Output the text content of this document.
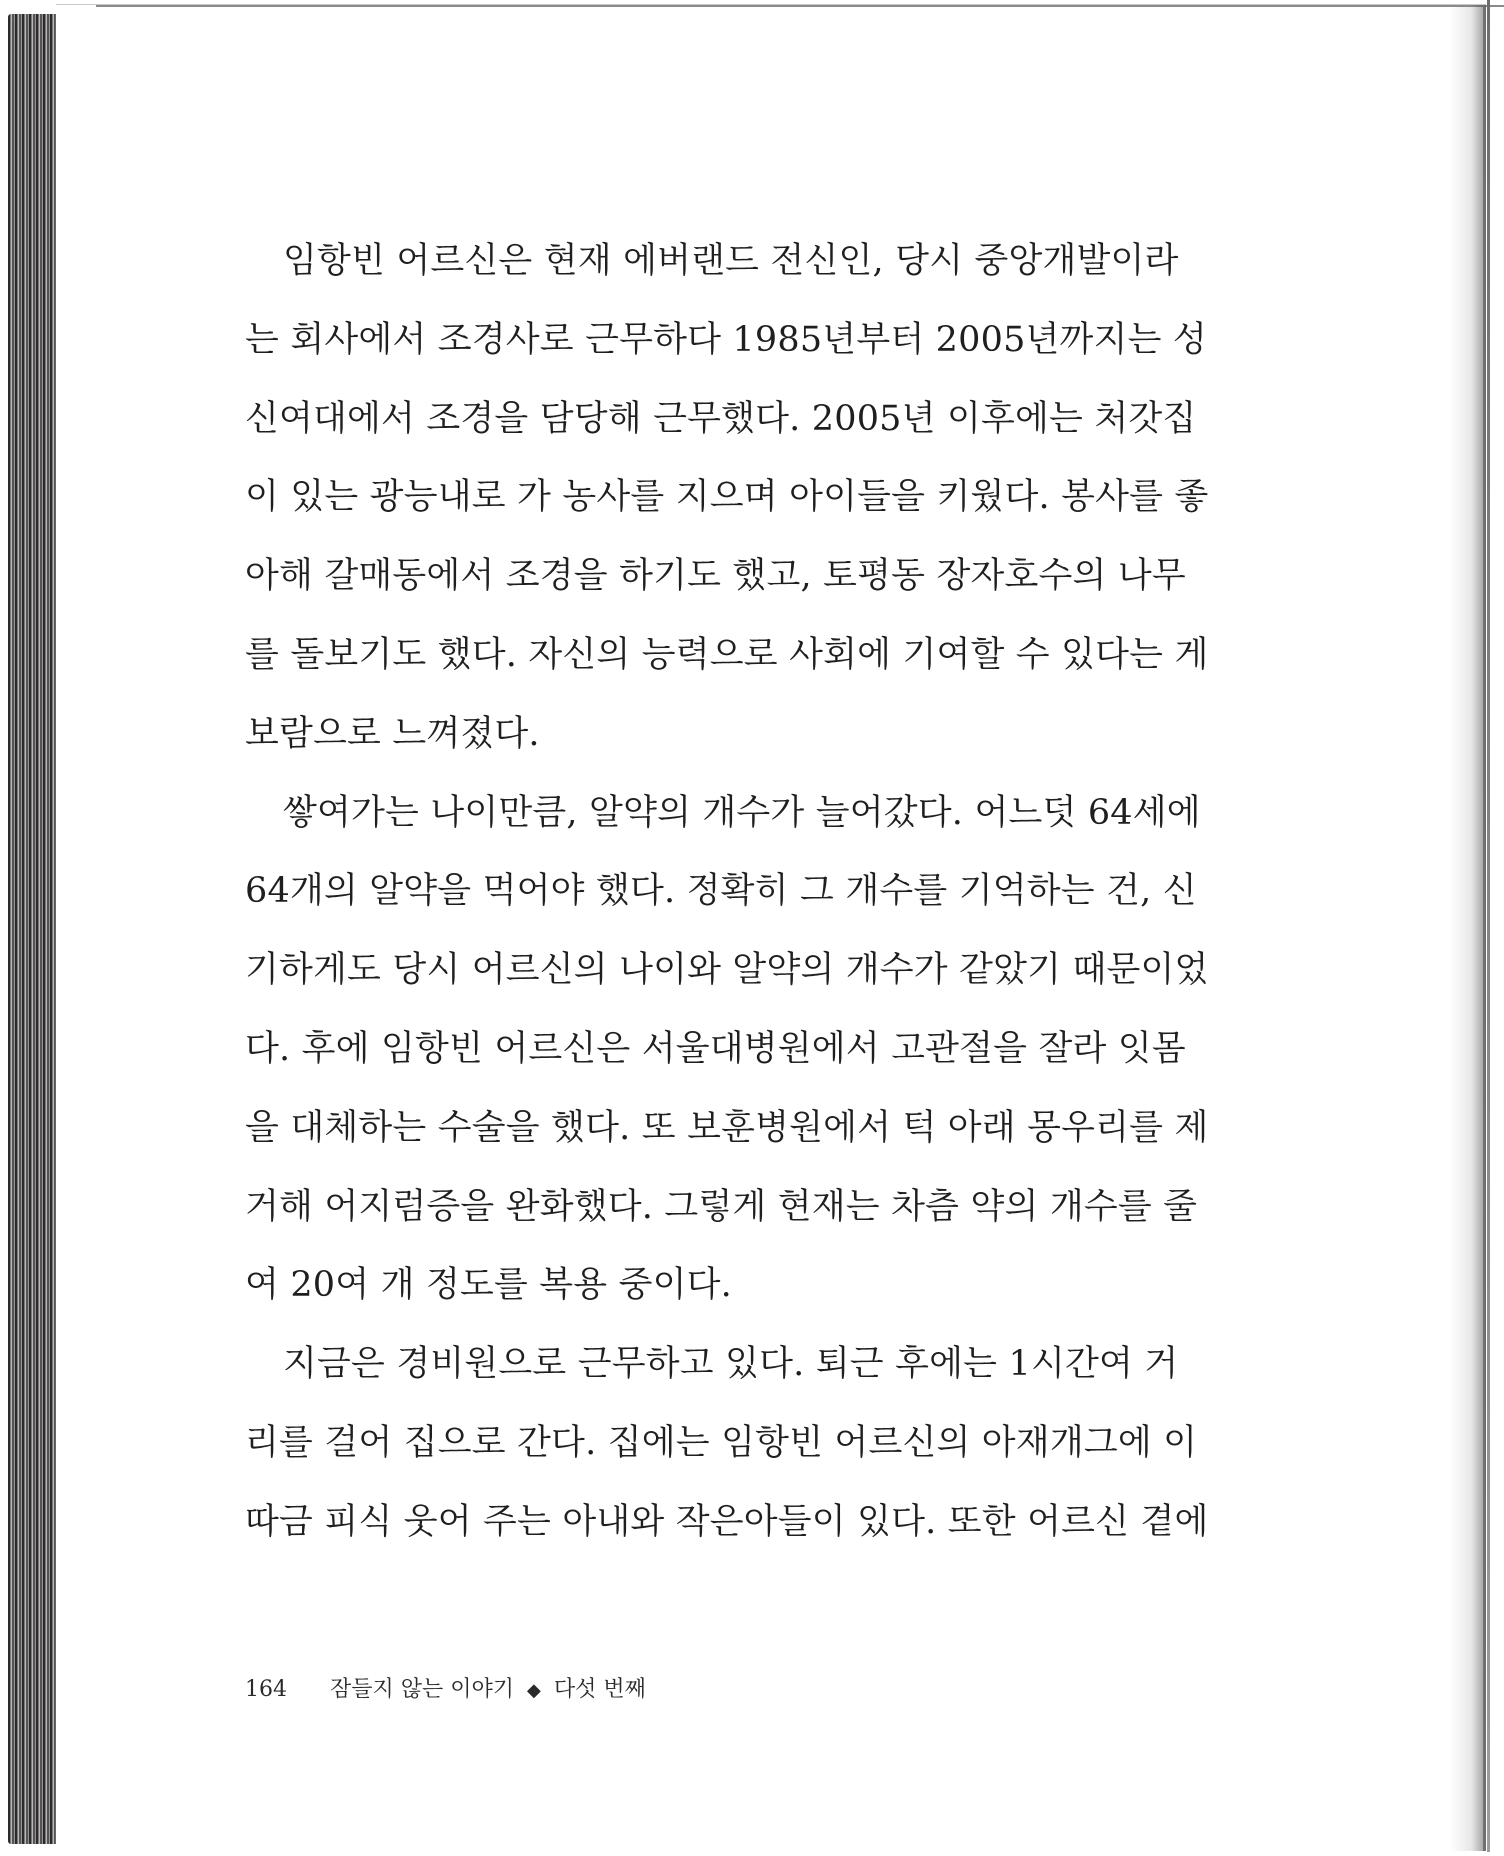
임항빈 어르신은 현재 에버랜드 전신인, 당시 중앙개발이라
는 회사에서 조경사로 근무하다 1985년부터 2005년까지는 성
신여대에서 조경을 담당해 근무했다. 2005년 이후에는 처갓집
이 있는 광능내로 가 농사를 지으며 아이들을 키웠다. 봉사를 좋
아해 갈매동에서 조경을 하기도 했고, 토평동 장자호수의 나무
를 돌보기도 했다. 자신의 능력으로 사회에 기여할 수 있다는 게
보람으로 느껴졌다.
쌓여가는 나이만큼, 알약의 개수가 늘어갔다. 어느덧 64세에
64개의 알약을 먹어야 했다. 정확히 그 개수를 기억하는 건, 신
기하게도 당시 어르신의 나이와 알약의 개수가 같았기 때문이었
다. 후에 임항빈 어르신은 서울대병원에서 고관절을 잘라 잇몸
을 대체하는 수술을 했다. 또 보훈병원에서 턱 아래 몽우리를 제
거해 어지럼증을 완화했다. 그렇게 현재는 차츰 약의 개수를 줄
여 20여 개 정도를 복용 중이다.
지금은 경비원으로 근무하고 있다. 퇴근 후에는 1시간여 거
리를 걸어 집으로 간다. 집에는 임항빈 어르신의 아재개그에 이
따금 피식 웃어 주는 아내와 작은아들이 있다. 또한 어르신 곁에
164 잠들지 않는 이야기 ◆ 다섯 번째
